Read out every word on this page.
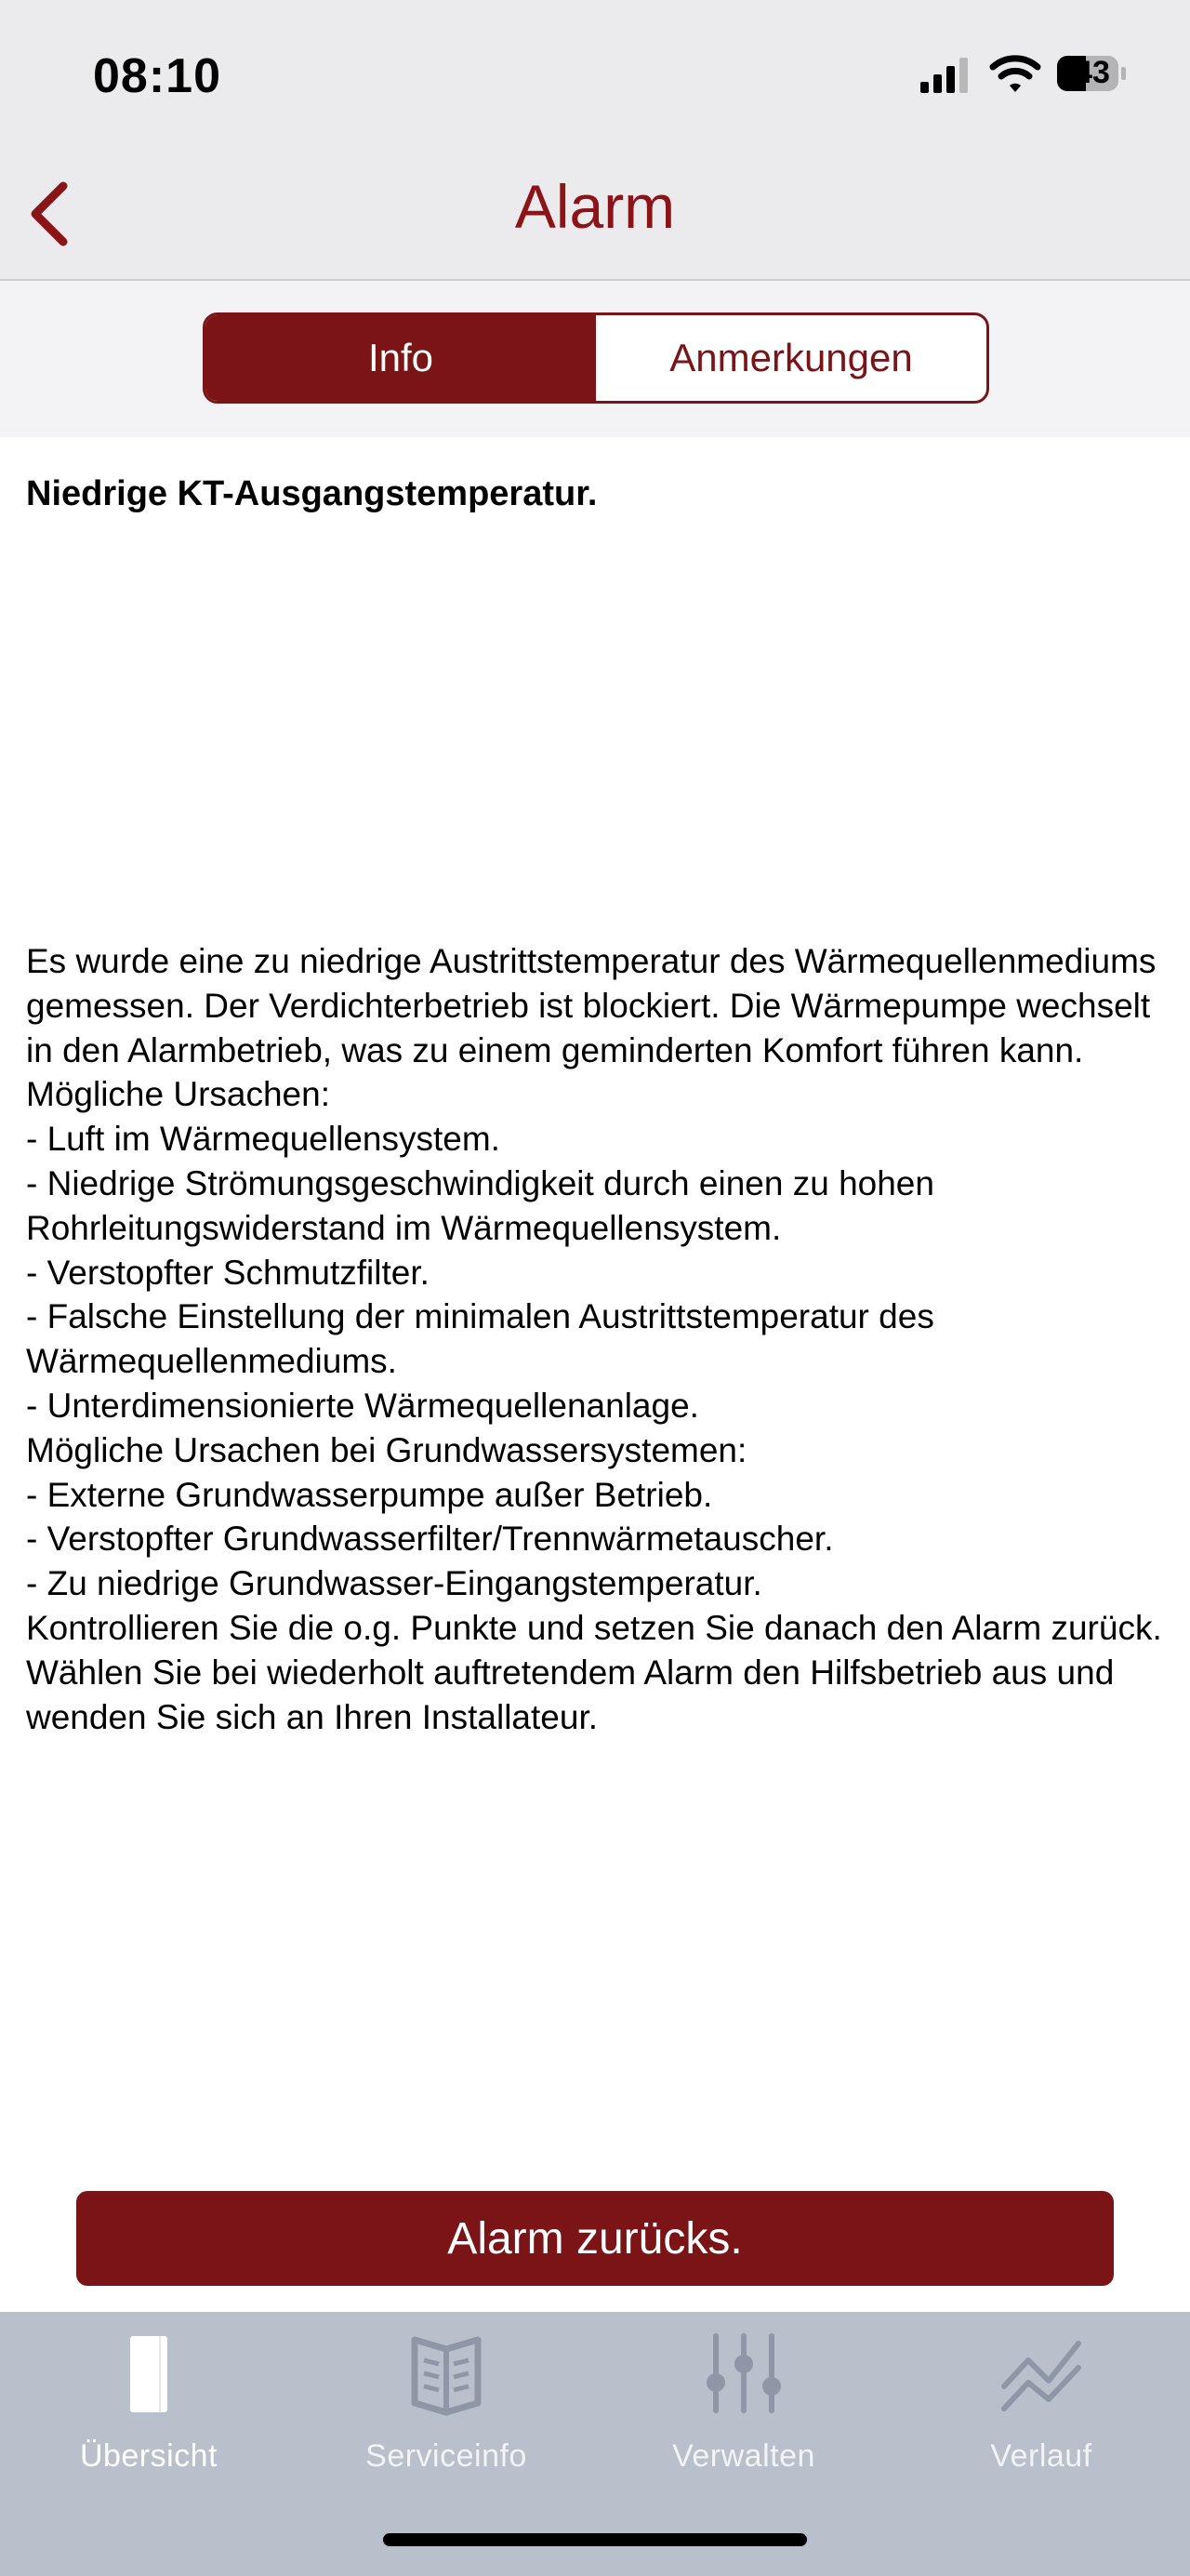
08:10	43
Alarm
Info	Anmerkungen

Niedrige KT-Ausgangstemperatur.

Es wurde eine zu niedrige Austrittstemperatur des Wärmequellenmediums gemessen. Der Verdichterbetrieb ist blockiert. Die Wärmepumpe wechselt in den Alarmbetrieb, was zu einem geminderten Komfort führen kann.
Mögliche Ursachen:
- Luft im Wärmequellensystem.
- Niedrige Strömungsgeschwindigkeit durch einen zu hohen Rohrleitungswiderstand im Wärmequellensystem.
- Verstopfter Schmutzfilter.
- Falsche Einstellung der minimalen Austrittstemperatur des Wärmequellenmediums.
- Unterdimensionierte Wärmequellenanlage.
Mögliche Ursachen bei Grundwassersystemen:
- Externe Grundwasserpumpe außer Betrieb.
- Verstopfter Grundwasserfilter/Trennwärmetauscher.
- Zu niedrige Grundwasser-Eingangstemperatur.
Kontrollieren Sie die o.g. Punkte und setzen Sie danach den Alarm zurück. Wählen Sie bei wiederholt auftretendem Alarm den Hilfsbetrieb aus und wenden Sie sich an Ihren Installateur.
Alarm zurücks.
Übersicht	Serviceinfo	Verwalten	Verlauf
